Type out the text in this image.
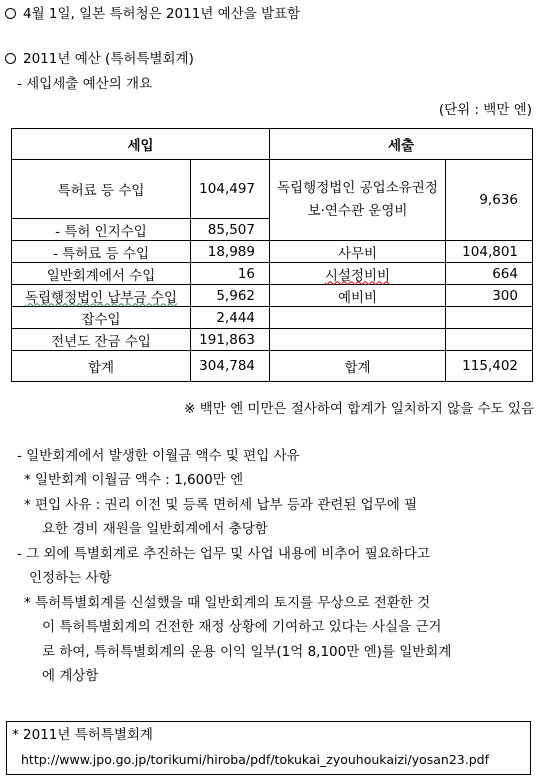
4월 1일, 일본 특허청은 2011년 예산을 발표함
2011년 예산 (특허특별회계)
- 세입세출 예산의 개요
(단위 : 백만 엔)
세입		세출	
특허료 등 수입	104,497	독립행정법인 공업소유권정보·연수관 운영비	9,636
- 특허 인지수입	85,507		
- 특허료 등 수입	18,989	사무비	104,801
일반회계에서 수입	16	시설정비비	664
독립행정법인 납부금 수입	5,962	예비비	300
잡수입	2,444		
전년도 잔금 수입	191,863		
합계	304,784	합계	115,402
※ 백만 엔 미만은 절사하여 합계가 일치하지 않을 수도 있음
- 일반회계에서 발생한 이월금 액수 및 편입 사유
* 일반회계 이월금 액수 : 1,600만 엔
* 편입 사유 : 권리 이전 및 등록 면허세 납부 등과 관련된 업무에 필
요한 경비 재원을 일반회계에서 충당함
- 그 외에 특별회계로 추진하는 업무 및 사업 내용에 비추어 필요하다고
인정하는 사항
* 특허특별회계를 신설했을 때 일반회계의 토지를 무상으로 전환한 것
이 특허특별회계의 건전한 재정 상황에 기여하고 있다는 사실을 근거
로 하여, 특허특별회계의 운용 이익 일부(1억 8,100만 엔)를 일반회계
에 계상함
* 2011년 특허특별회계
http://www.jpo.go.jp/torikumi/hiroba/pdf/tokukai_zyouhoukaizi/yosan23.pdf
